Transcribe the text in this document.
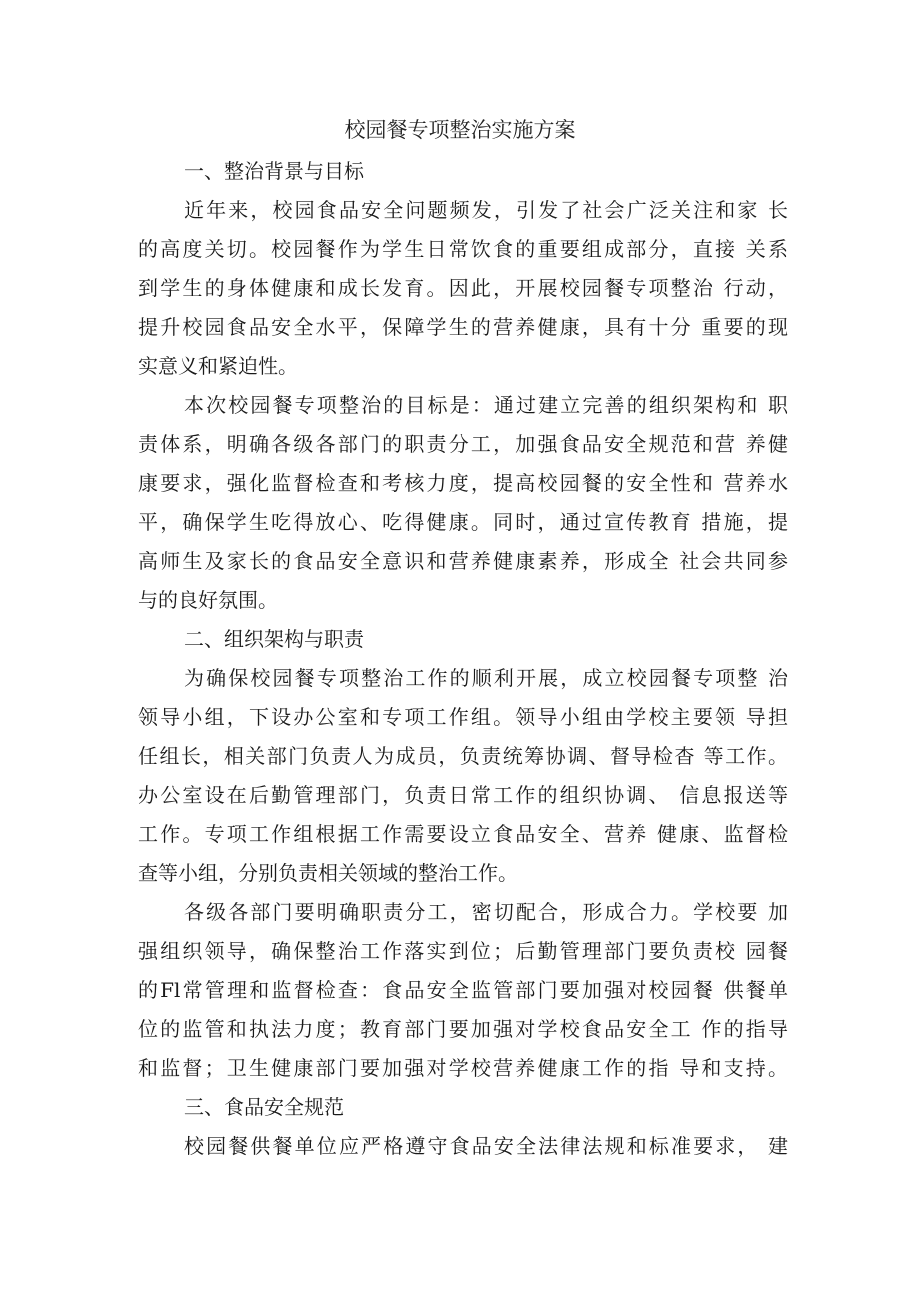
校园餐专项整治实施方案
一、整治背景与目标

近年来，校园食品安全问题频发，引发了社会广泛关注和家 长
的高度关切。校园餐作为学生日常饮食的重要组成部分，直接 关系
到学生的身体健康和成长发育。因此，开展校园餐专项整治 行动，
提升校园食品安全水平，保障学生的营养健康，具有十分 重要的现
实意义和紧迫性。

本次校园餐专项整治的目标是：通过建立完善的组织架构和 职
责体系，明确各级各部门的职责分工，加强食品安全规范和营 养健
康要求，强化监督检查和考核力度，提高校园餐的安全性和 营养水
平，确保学生吃得放心、吃得健康。同时，通过宣传教育 措施，提
高师生及家长的食品安全意识和营养健康素养，形成全 社会共同参
与的良好氛围。

二、组织架构与职责

为确保校园餐专项整治工作的顺利开展，成立校园餐专项整 治
领导小组，下设办公室和专项工作组。领导小组由学校主要领 导担
任组长，相关部门负责人为成员，负责统筹协调、督导检杳 等工作。
办公室设在后勤管理部门，负责日常工作的组织协调、 信息报送等
工作。专项工作组根据工作需要设立食品安全、营养 健康、监督检
查等小组，分别负责相关领域的整治工作。

各级各部门要明确职责分工，密切配合，形成合力。学校要 加
强组织领导，确保整治工作落实到位；后勤管理部门要负责校 园餐
的Fl常管理和监督检查：食品安全监管部门要加强对校园餐 供餐单
位的监管和执法力度；教育部门要加强对学校食品安全工 作的指导
和监督；卫生健康部门要加强对学校营养健康工作的指 导和支持。

三、食品安全规范

校园餐供餐单位应严格遵守食品安全法律法规和标准要求， 建
